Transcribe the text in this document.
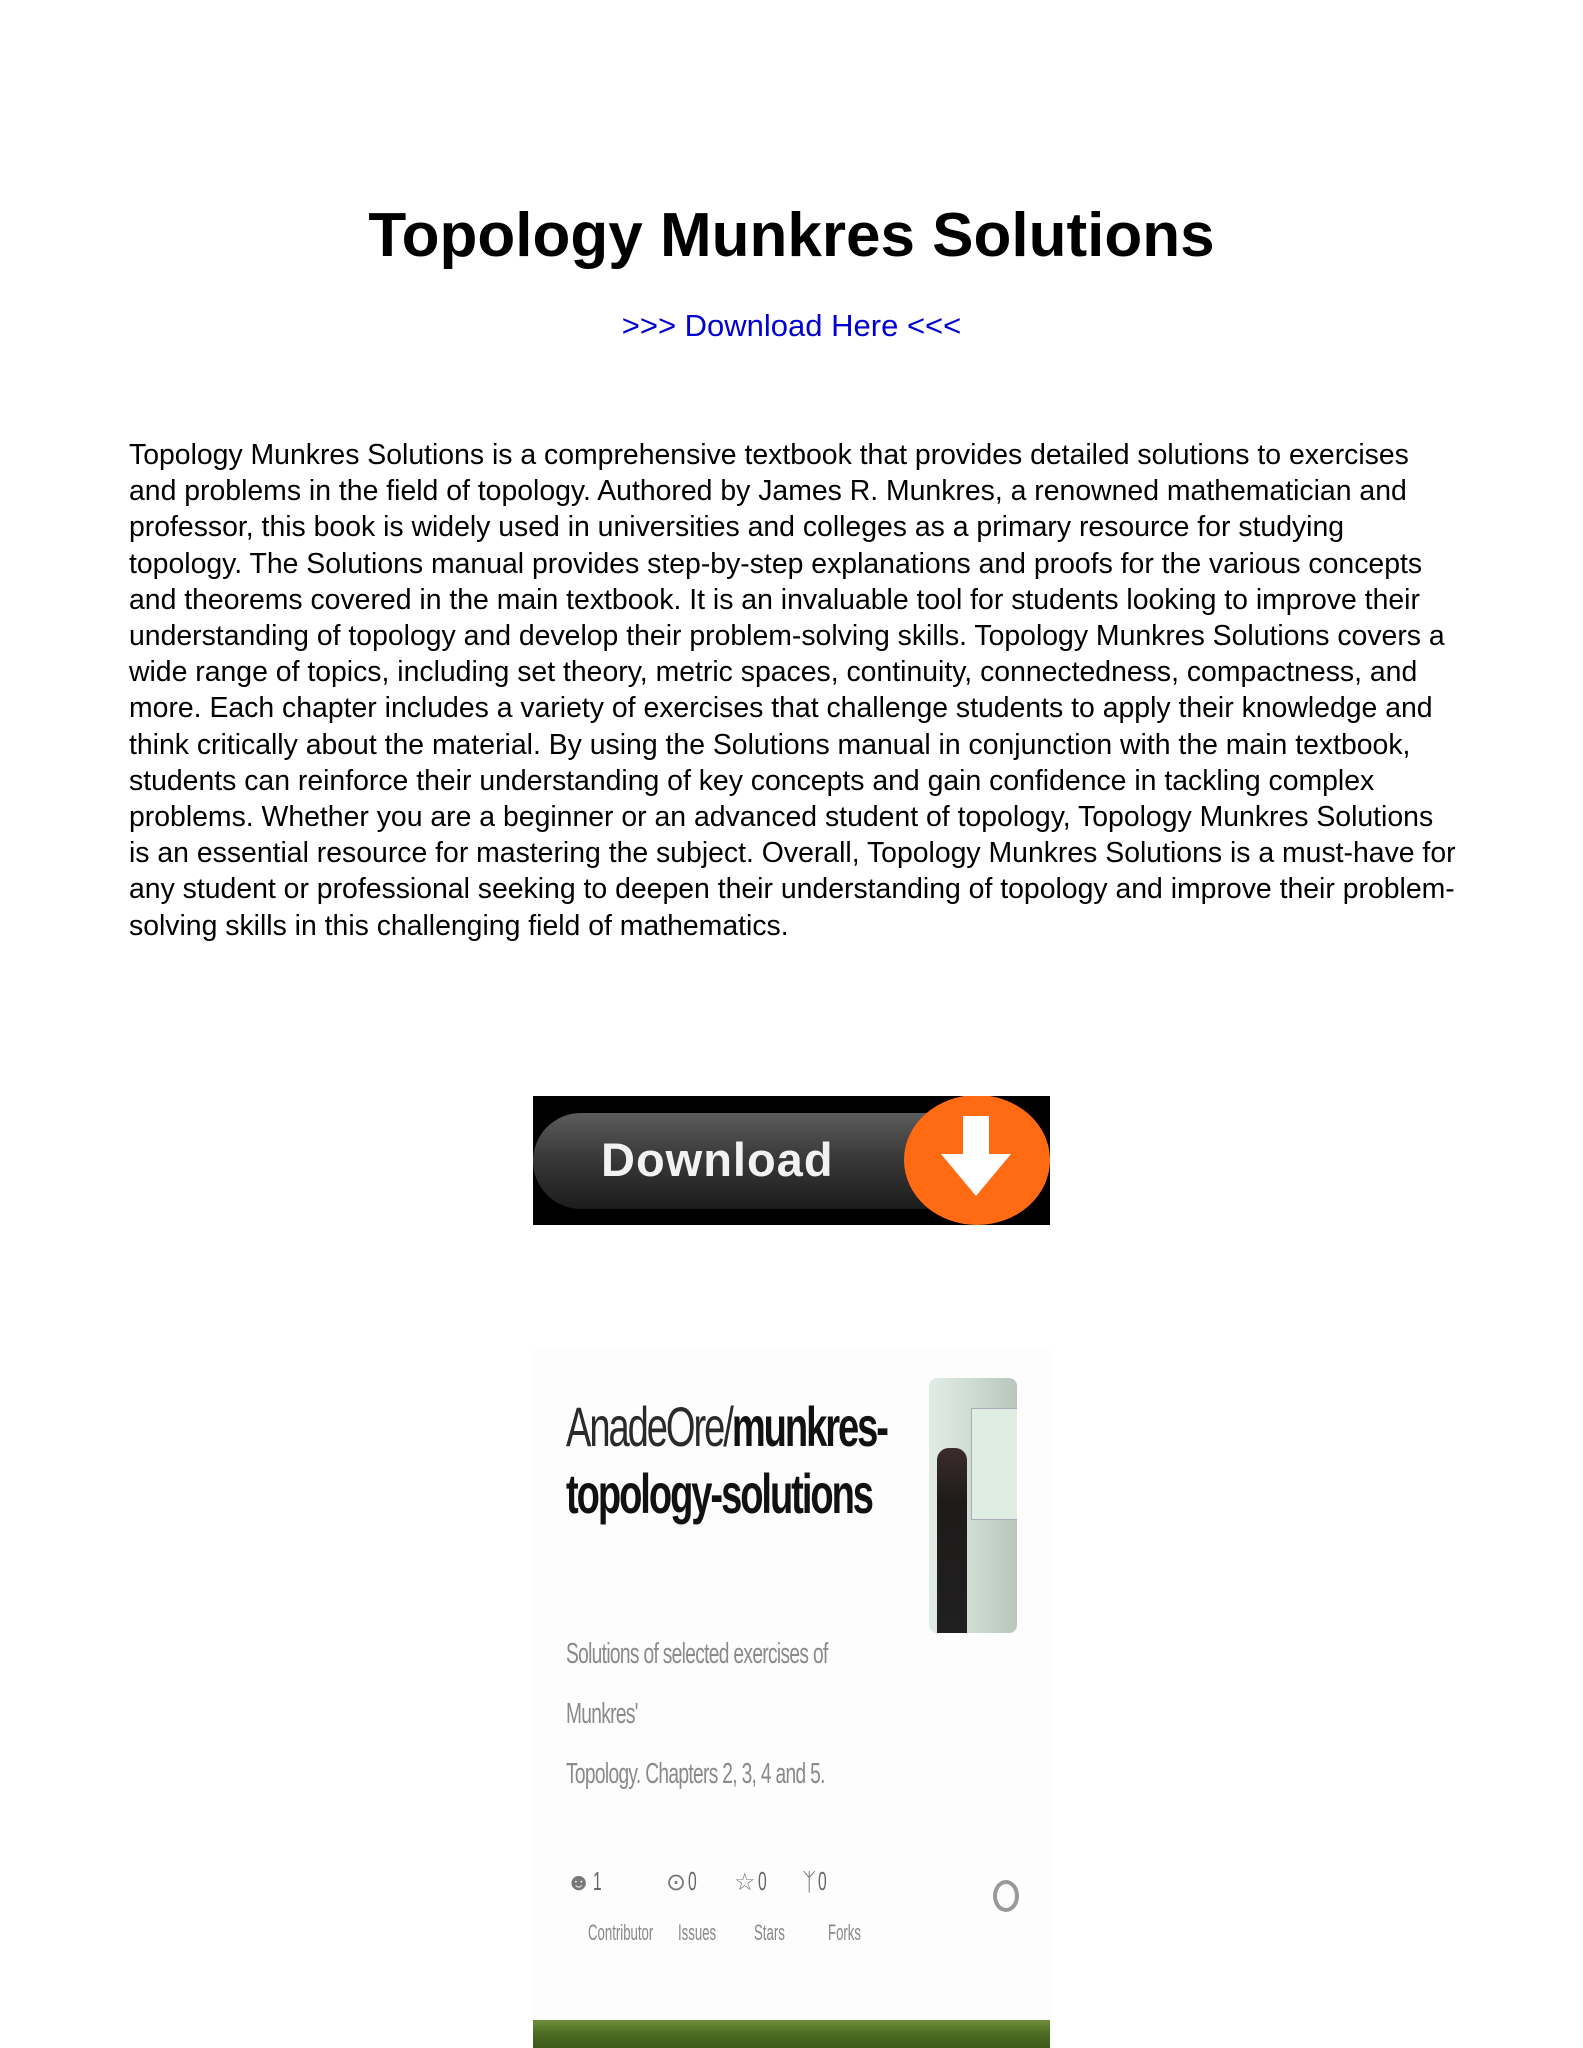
Topology Munkres Solutions
>>> Download Here <<<

Topology Munkres Solutions is a comprehensive textbook that provides detailed solutions to exercises and problems in the field of topology. Authored by James R. Munkres, a renowned mathematician and professor, this book is widely used in universities and colleges as a primary resource for studying topology. The Solutions manual provides step-by-step explanations and proofs for the various concepts and theorems covered in the main textbook. It is an invaluable tool for students looking to improve their understanding of topology and develop their problem-solving skills. Topology Munkres Solutions covers a wide range of topics, including set theory, metric spaces, continuity, connectedness, compactness, and more. Each chapter includes a variety of exercises that challenge students to apply their knowledge and think critically about the material. By using the Solutions manual in conjunction with the main textbook, students can reinforce their understanding of key concepts and gain confidence in tackling complex problems. Whether you are a beginner or an advanced student of topology, Topology Munkres Solutions is an essential resource for mastering the subject. Overall, Topology Munkres Solutions is a must-have for any student or professional seeking to deepen their understanding of topology and improve their problem-solving skills in this challenging field of mathematics.

Download
AnadeOre/munkres-
topology-solutions
Solutions of selected exercises of Munkres'
Topology. Chapters 2, 3, 4 and 5.
☻1
Contributor
⊙0
Issues
☆0
Stars
ᛉ0
Forks
